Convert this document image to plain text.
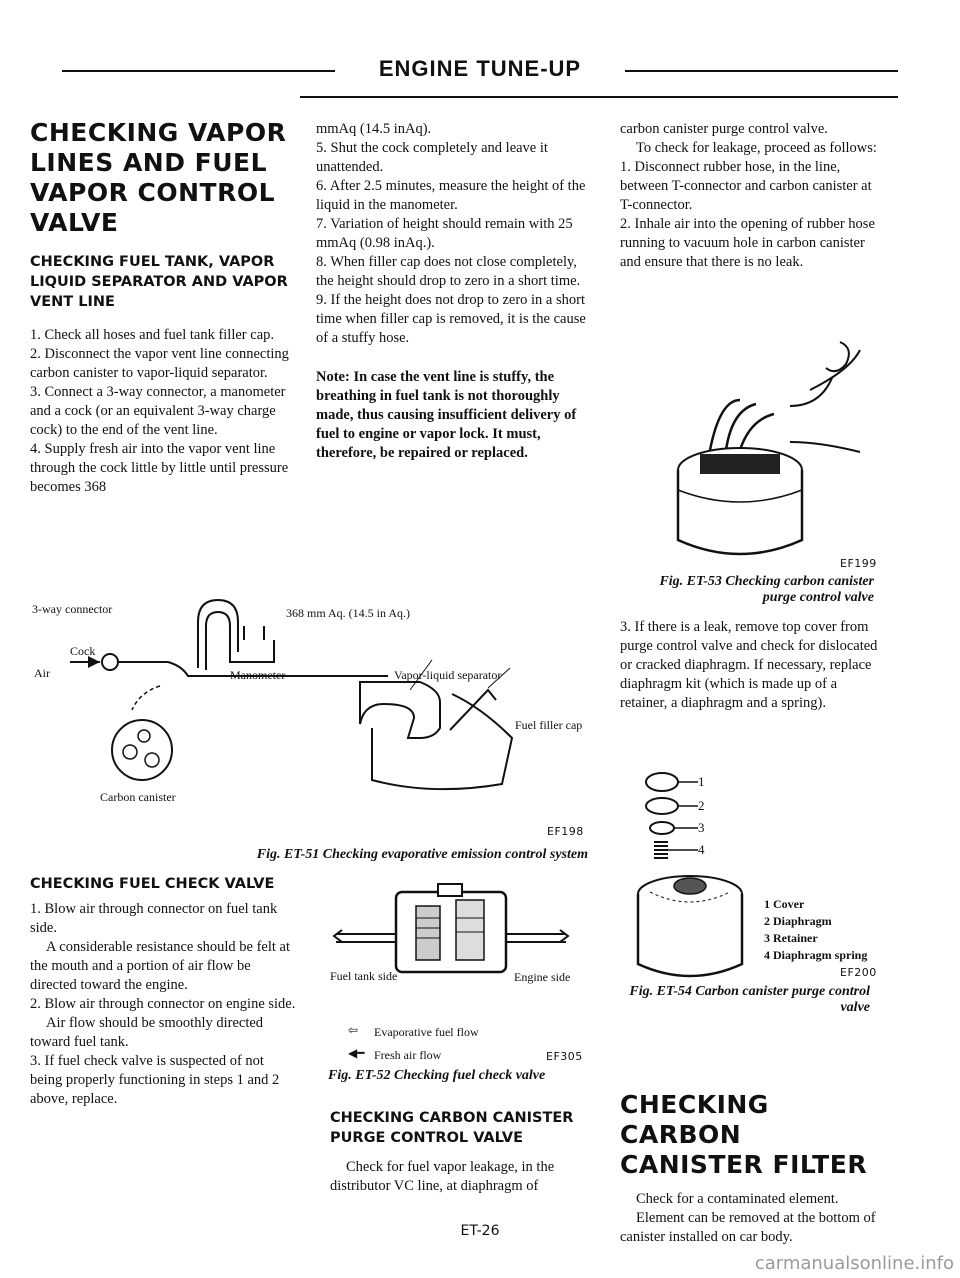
ENGINE TUNE-UP
CHECKING VAPOR LINES AND FUEL VAPOR CONTROL VALVE
CHECKING FUEL TANK, VAPOR LIQUID SEPARATOR AND VAPOR VENT LINE

1. Check all hoses and fuel tank filler cap.

2. Disconnect the vapor vent line connecting carbon canister to vapor-liquid separator.

3. Connect a 3-way connector, a manometer and a cock (or an equivalent 3-way charge cock) to the end of the vent line.

4. Supply fresh air into the vapor vent line through the cock little by little until pressure becomes 368

mmAq (14.5 inAq).

5. Shut the cock completely and leave it unattended.

6. After 2.5 minutes, measure the height of the liquid in the manometer.

7. Variation of height should remain with 25 mmAq (0.98 inAq.).

8. When filler cap does not close completely, the height should drop to zero in a short time.

9. If the height does not drop to zero in a short time when filler cap is removed, it is the cause of a stuffy hose.

Note: In case the vent line is stuffy, the breathing in fuel tank is not thoroughly made, thus causing insufficient delivery of fuel to engine or vapor lock. It must, therefore, be repaired or replaced.

carbon canister purge control valve.

To check for leakage, proceed as follows:

1. Disconnect rubber hose, in the line, between T-connector and carbon canister at T-connector.

2. Inhale air into the opening of rubber hose running to vacuum hole in carbon canister and ensure that there is no leak.

EF199
Fig. ET-53 Checking carbon canister purge control valve

3. If there is a leak, remove top cover from purge control valve and check for dislocated or cracked diaphragm. If necessary, replace diaphragm kit (which is made up of a retainer, a diaphragm and a spring).

3-way connector	368 mm Aq. (14.5 in Aq.)
Cock
Air	Manometer	Vapor-liquid separator
Fuel filler cap
Carbon canister
EF198
Fig. ET-51 Checking evaporative emission control system
CHECKING FUEL CHECK VALVE

1. Blow air through connector on fuel tank side.

A considerable resistance should be felt at the mouth and a portion of air flow be directed toward the engine.

2. Blow air through connector on engine side.

Air flow should be smoothly directed toward fuel tank.

3. If fuel check valve is suspected of not being properly functioning in steps 1 and 2 above, replace.

Fuel tank side	Engine side
⇦ Evaporative fuel flow
◀━ Fresh air flow	EF305
Fig. ET-52 Checking fuel check valve
CHECKING CARBON CANISTER PURGE CONTROL VALVE

Check for fuel vapor leakage, in the distributor VC line, at diaphragm of

1
2
3
4
1 Cover
2 Diaphragm
3 Retainer
4 Diaphragm spring
EF200
Fig. ET-54 Carbon canister purge control valve
CHECKING CARBON CANISTER FILTER

Check for a contaminated element.

Element can be removed at the bottom of canister installed on car body.

ET-26
carmanualsonline.info
